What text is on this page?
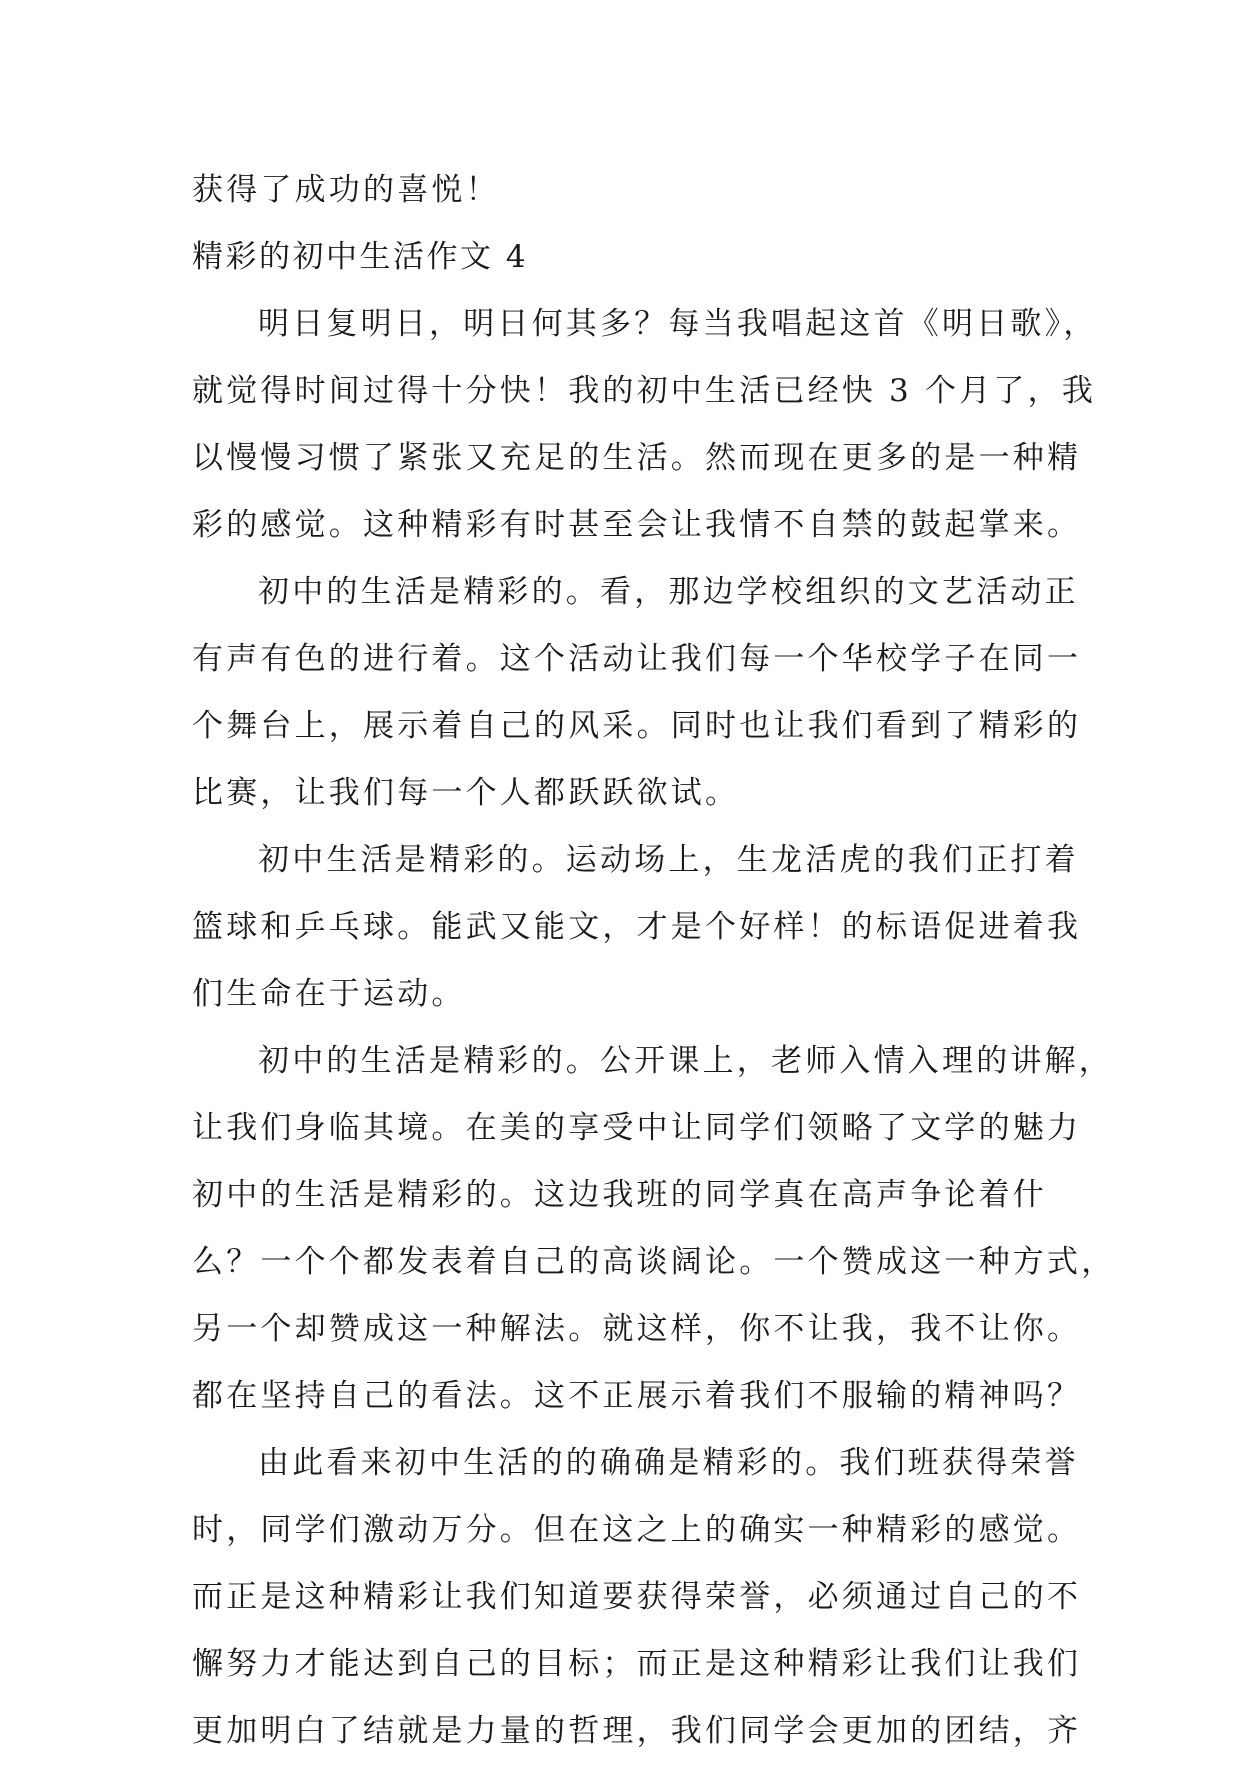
获得了成功的喜悦！
精彩的初中生活作文 4
明日复明日，明日何其多？每当我唱起这首《明日歌》，
就觉得时间过得十分快！我的初中生活已经快 3 个月了，我
以慢慢习惯了紧张又充足的生活。然而现在更多的是一种精
彩的感觉。这种精彩有时甚至会让我情不自禁的鼓起掌来。
初中的生活是精彩的。看，那边学校组织的文艺活动正
有声有色的进行着。这个活动让我们每一个华校学子在同一
个舞台上，展示着自己的风采。同时也让我们看到了精彩的
比赛，让我们每一个人都跃跃欲试。
初中生活是精彩的。运动场上，生龙活虎的我们正打着
篮球和乒乓球。能武又能文，才是个好样！的标语促进着我
们生命在于运动。
初中的生活是精彩的。公开课上，老师入情入理的讲解，
让我们身临其境。在美的享受中让同学们领略了文学的魅力
初中的生活是精彩的。这边我班的同学真在高声争论着什
么？一个个都发表着自己的高谈阔论。一个赞成这一种方式，
另一个却赞成这一种解法。就这样，你不让我，我不让你。
都在坚持自己的看法。这不正展示着我们不服输的精神吗？
由此看来初中生活的的确确是精彩的。我们班获得荣誉
时，同学们激动万分。但在这之上的确实一种精彩的感觉。
而正是这种精彩让我们知道要获得荣誉，必须通过自己的不
懈努力才能达到自己的目标；而正是这种精彩让我们让我们
更加明白了结就是力量的哲理，我们同学会更加的团结，齐
